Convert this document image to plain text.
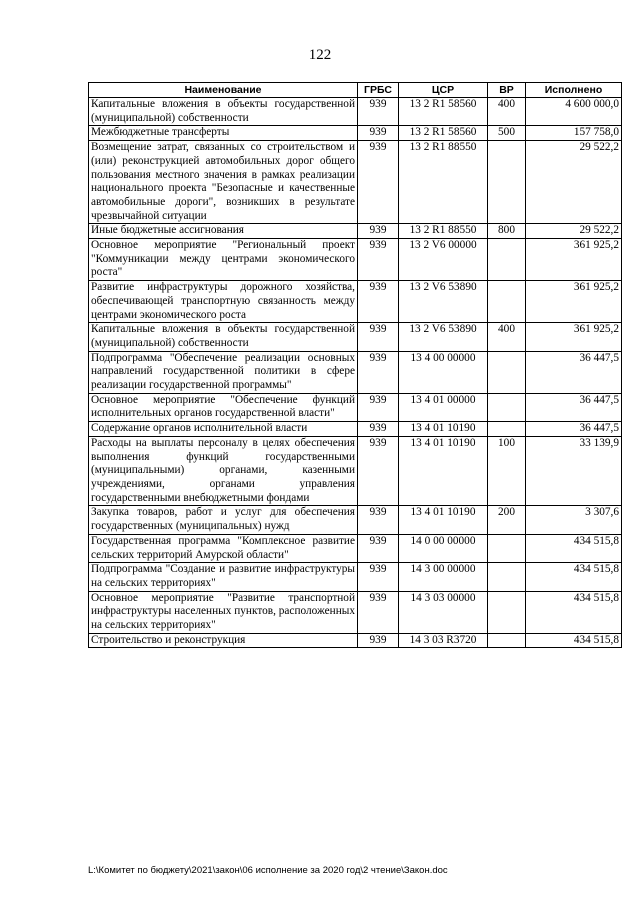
122
Наименование	ГРБС	ЦСР	ВР	Исполнено
Капитальные вложения в объекты государственной (муниципальной) собственности	939	13 2 R1 58560	400	4 600 000,0
Межбюджетные трансферты	939	13 2 R1 58560	500	157 758,0
Возмещение затрат, связанных со строительством и (или) реконструкцией автомобильных дорог общего пользования местного значения в рамках реализации национального проекта "Безопасные и качественные автомобильные дороги", возникших в результате чрезвычайной ситуации	939	13 2 R1 88550		29 522,2
Иные бюджетные ассигнования	939	13 2 R1 88550	800	29 522,2
Основное мероприятие "Региональный проект "Коммуникации между центрами экономического роста"	939	13 2 V6 00000		361 925,2
Развитие инфраструктуры дорожного хозяйства, обеспечивающей транспортную связанность между центрами экономического роста	939	13 2 V6 53890		361 925,2
Капитальные вложения в объекты государственной (муниципальной) собственности	939	13 2 V6 53890	400	361 925,2
Подпрограмма "Обеспечение реализации основных направлений государственной политики в сфере реализации государственной программы"	939	13 4 00 00000		36 447,5
Основное мероприятие "Обеспечение функций исполнительных органов государственной власти"	939	13 4 01 00000		36 447,5
Содержание органов исполнительной власти	939	13 4 01 10190		36 447,5
Расходы на выплаты персоналу в целях обеспечения выполнения функций государственными (муниципальными) органами, казенными учреждениями, органами управления государственными внебюджетными фондами	939	13 4 01 10190	100	33 139,9
Закупка товаров, работ и услуг для обеспечения государственных (муниципальных) нужд	939	13 4 01 10190	200	3 307,6
Государственная программа "Комплексное развитие сельских территорий Амурской области"	939	14 0 00 00000		434 515,8
Подпрограмма "Создание и развитие инфраструктуры на сельских территориях"	939	14 3 00 00000		434 515,8
Основное мероприятие "Развитие транспортной инфраструктуры населенных пунктов, расположенных на сельских территориях"	939	14 3 03 00000		434 515,8
Строительство и реконструкция	939	14 3 03 R3720		434 515,8
L:\Комитет по бюджету\2021\закон\06 исполнение за 2020 год\2 чтение\Закон.doc
